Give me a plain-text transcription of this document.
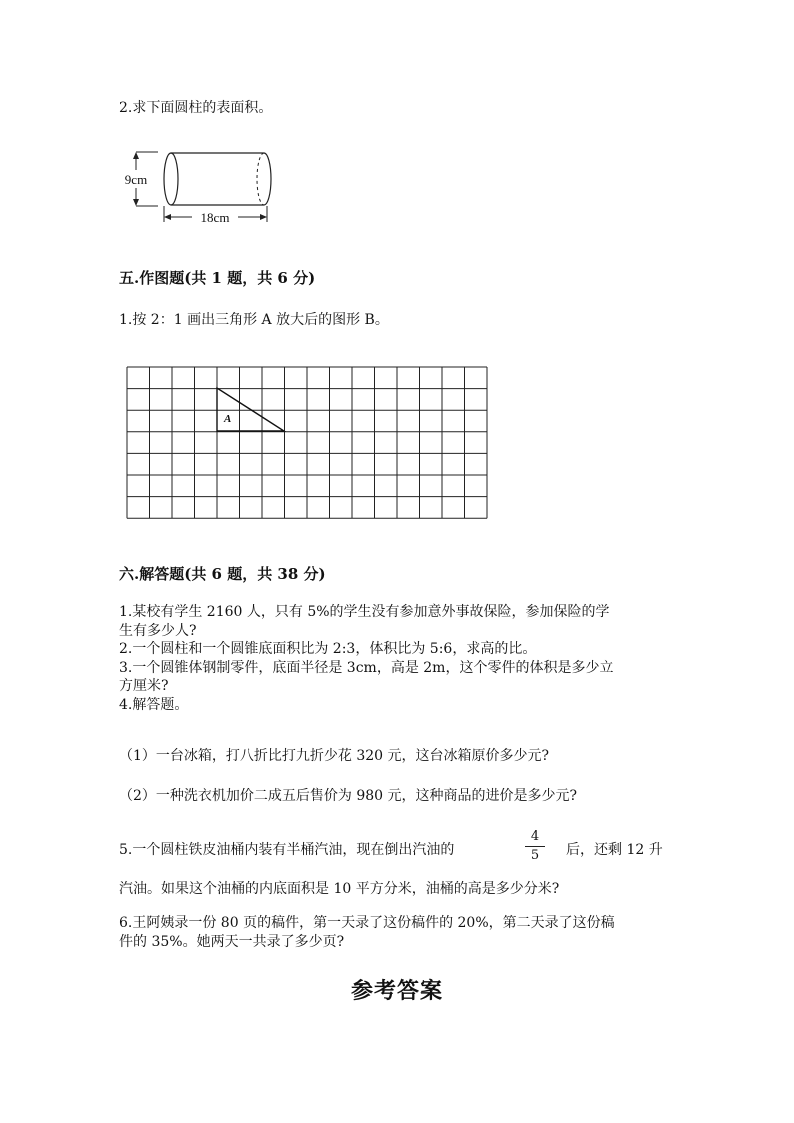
2.求下面圆柱的表面积。
9cm
18cm
五.作图题(共 1 题，共 6 分)
1.按 2：1 画出三角形 A 放大后的图形 B。
A
六.解答题(共 6 题，共 38 分)
1.某校有学生 2160 人，只有 5%的学生没有参加意外事故保险，参加保险的学
生有多少人?
2.一个圆柱和一个圆锥底面积比为 2:3，体积比为 5:6，求高的比。
3.一个圆锥体钢制零件，底面半径是 3cm，高是 2m，这个零件的体积是多少立
方厘米?
4.解答题。
（1）一台冰箱，打八折比打九折少花 320 元，这台冰箱原价多少元?
（2）一种洗衣机加价二成五后售价为 980 元，这种商品的进价是多少元?
5.一个圆柱铁皮油桶内装有半桶汽油，现在倒出汽油的
4
5	后，还剩 12 升
汽油。如果这个油桶的内底面积是 10 平方分米，油桶的高是多少分米?
6.王阿姨录一份 80 页的稿件，第一天录了这份稿件的 20%，第二天录了这份稿
件的 35%。她两天一共录了多少页?
参考答案
